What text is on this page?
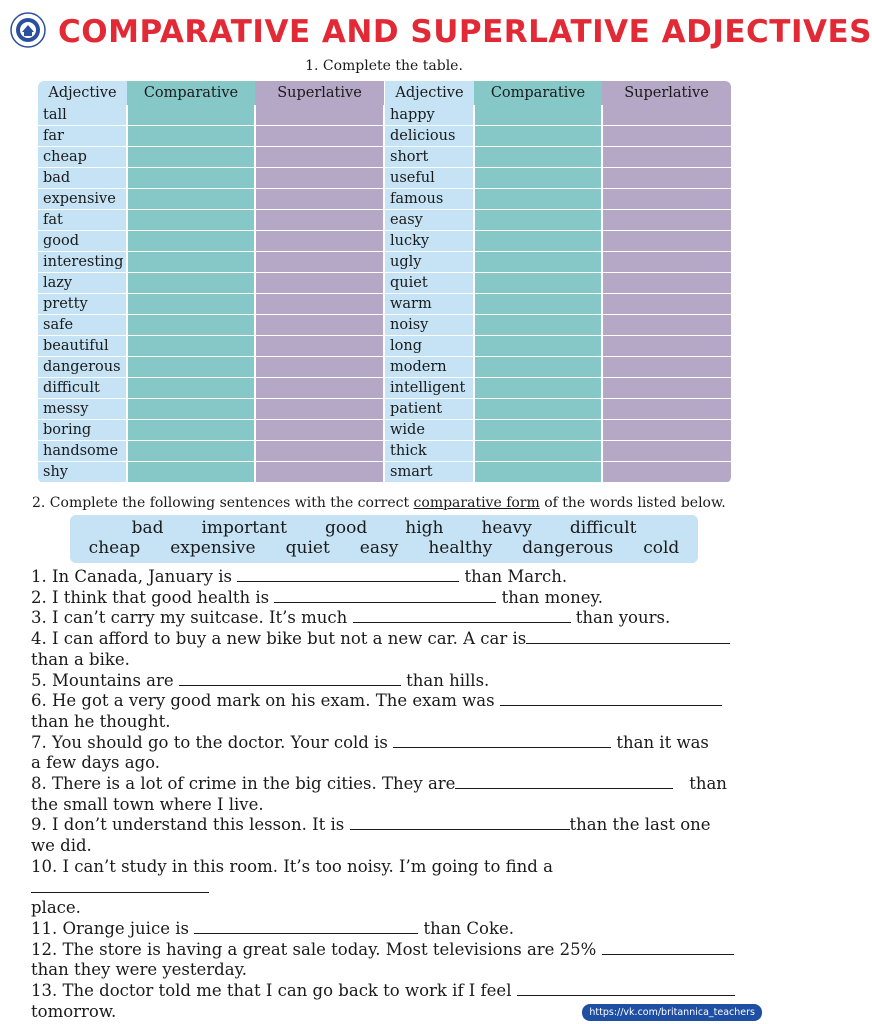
COMPARATIVE AND SUPERLATIVE ADJECTIVES
1. Complete the table.
Adjective	Comparative	Superlative
tall		
far		
cheap		
bad		
expensive		
fat		
good		
interesting		
lazy		
pretty		
safe		
beautiful		
dangerous		
difficult		
messy		
boring		
handsome		
shy		
Adjective	Comparative	Superlative
happy		
delicious		
short		
useful		
famous		
easy		
lucky		
ugly		
quiet		
warm		
noisy		
long		
modern		
intelligent		
patient		
wide		
thick		
smart		
2. Complete the following sentences with the correct comparative form of the words listed below.
bad important good high heavy difficult
cheap expensive quiet easy healthy dangerous cold

1. In Canada, January is	than March.

2. I think that good health is	than money.

3. I can’t carry my suitcase. It’s much	than yours.

4. I can afford to buy a new bike but not a new car. A car is
than a bike.

5. Mountains are	than hills.

6. He got a very good mark on his exam. The exam was
than he thought.

7. You should go to the doctor. Your cold is	than it was
a few days ago.

8. There is a lot of crime in the big cities. They are	than
the small town where I live.

9. I don’t understand this lesson. It is	than the last one
we did.

10. I can’t study in this room. It’s too noisy. I’m going to find a
place.

11. Orange juice is	than Coke.

12. The store is having a great sale today. Most televisions are 25%
than they were yesterday.

13. The doctor told me that I can go back to work if I feel
tomorrow.	https://vk.com/britannica_teachers
